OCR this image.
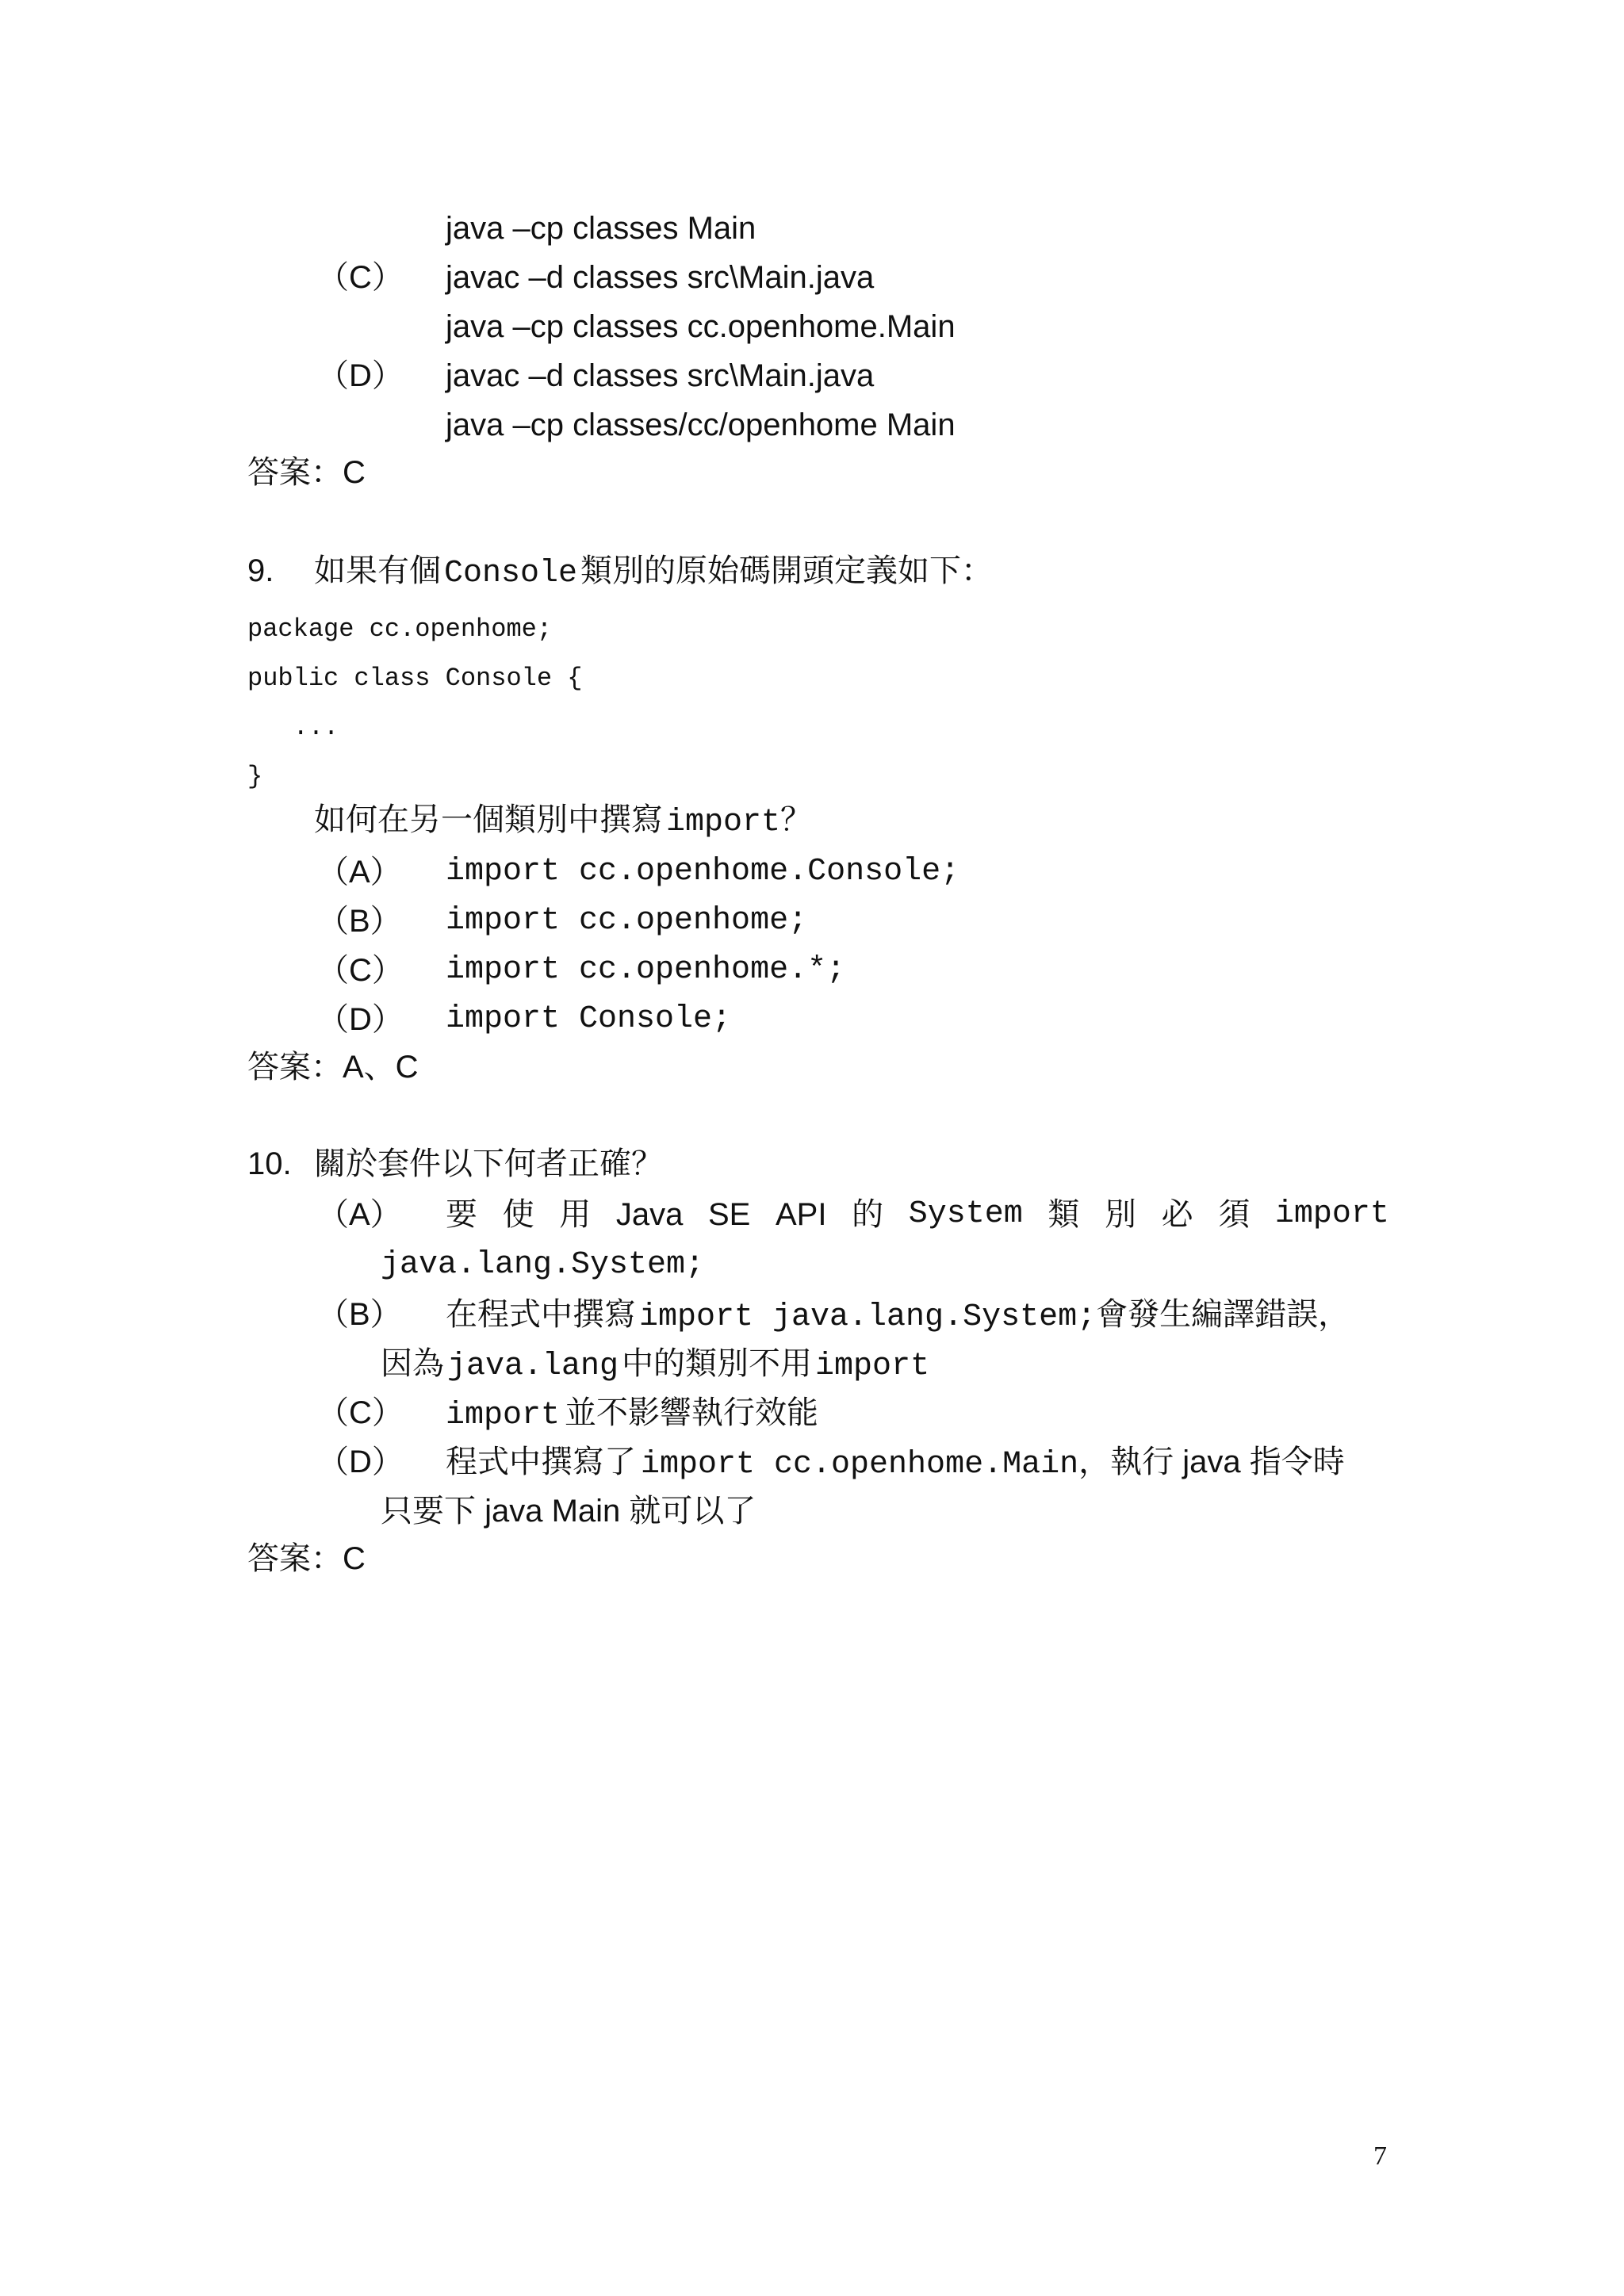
java –cp classes Main
（C） javac –d classes src\Main.java
java –cp classes cc.openhome.Main
（D） javac –d classes src\Main.java
java –cp classes/cc/openhome Main
答案：C
9. 如果有個 Console 類別的原始碼開頭定義如下：
package cc.openhome;
public class Console {
...
}
如何在另一個類別中撰寫 import？
（A） import cc.openhome.Console;
（B） import cc.openhome;
（C） import cc.openhome.*;
（D） import Console;
答案：A、C
10. 關於套件以下何者正確？
（A） 要 使 用 Java SE API 的 System 類 別 必 須 import
java.lang.System;
（B） 在程式中撰寫 import java.lang.System;會發生編譯錯誤，
因為 java.lang 中的類別不用 import
（C） import 並不影響執行效能
（D） 程式中撰寫了 import cc.openhome.Main，執行 java 指令時
只要下 java Main 就可以了
答案：C
7
